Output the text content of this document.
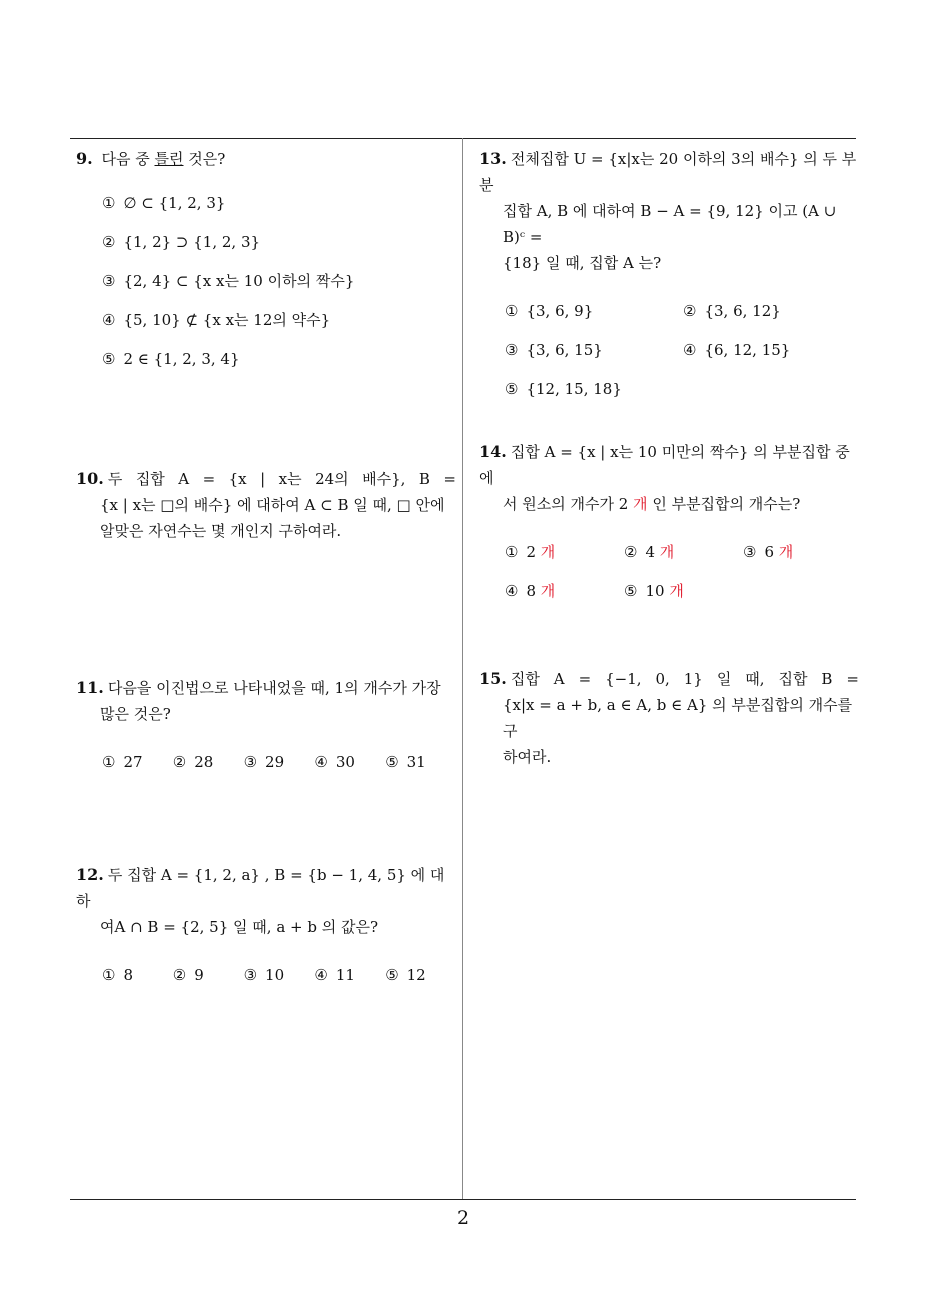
9. 다음 중 틀린 것은?

① ∅ ⊂ {1, 2, 3}
② {1, 2} ⊃ {1, 2, 3}
③ {2, 4} ⊂ {x x는 10 이하의 짝수}
④ {5, 10} ⊄ {x x는 12의 약수}
⑤ 2 ∈ {1, 2, 3, 4}

10. 두 집합 A = {x | x는 24의 배수}, B =
{x | x는 □의 배수} 에 대하여 A ⊂ B 일 때, □ 안에
알맞은 자연수는 몇 개인지 구하여라.

11. 다음을 이진법으로 나타내었을 때, 1의 개수가 가장
많은 것은?

① 27	② 28	③ 29	④ 30	⑤ 31

12. 두 집합 A = {1, 2, a} , B = {b − 1, 4, 5} 에 대하
여A ∩ B = {2, 5} 일 때, a + b 의 값은?

① 8	② 9	③ 10	④ 11	⑤ 12

13. 전체집합 U = {x|x는 20 이하의 3의 배수} 의 두 부분
집합 A, B 에 대하여 B − A = {9, 12} 이고 (A ∪ B)ᶜ =
{18} 일 때, 집합 A 는?

① {3, 6, 9}	② {3, 6, 12}
③ {3, 6, 15}	④ {6, 12, 15}
⑤ {12, 15, 18}

14. 집합 A = {x | x는 10 미만의 짝수} 의 부분집합 중에
서 원소의 개수가 2 개 인 부분집합의 개수는?

① 2 개	② 4 개	③ 6 개
④ 8 개	⑤ 10 개

15. 집합 A = {−1, 0, 1} 일 때, 집합 B =
{x|x = a + b, a ∈ A, b ∈ A} 의 부분집합의 개수를 구
하여라.

2
